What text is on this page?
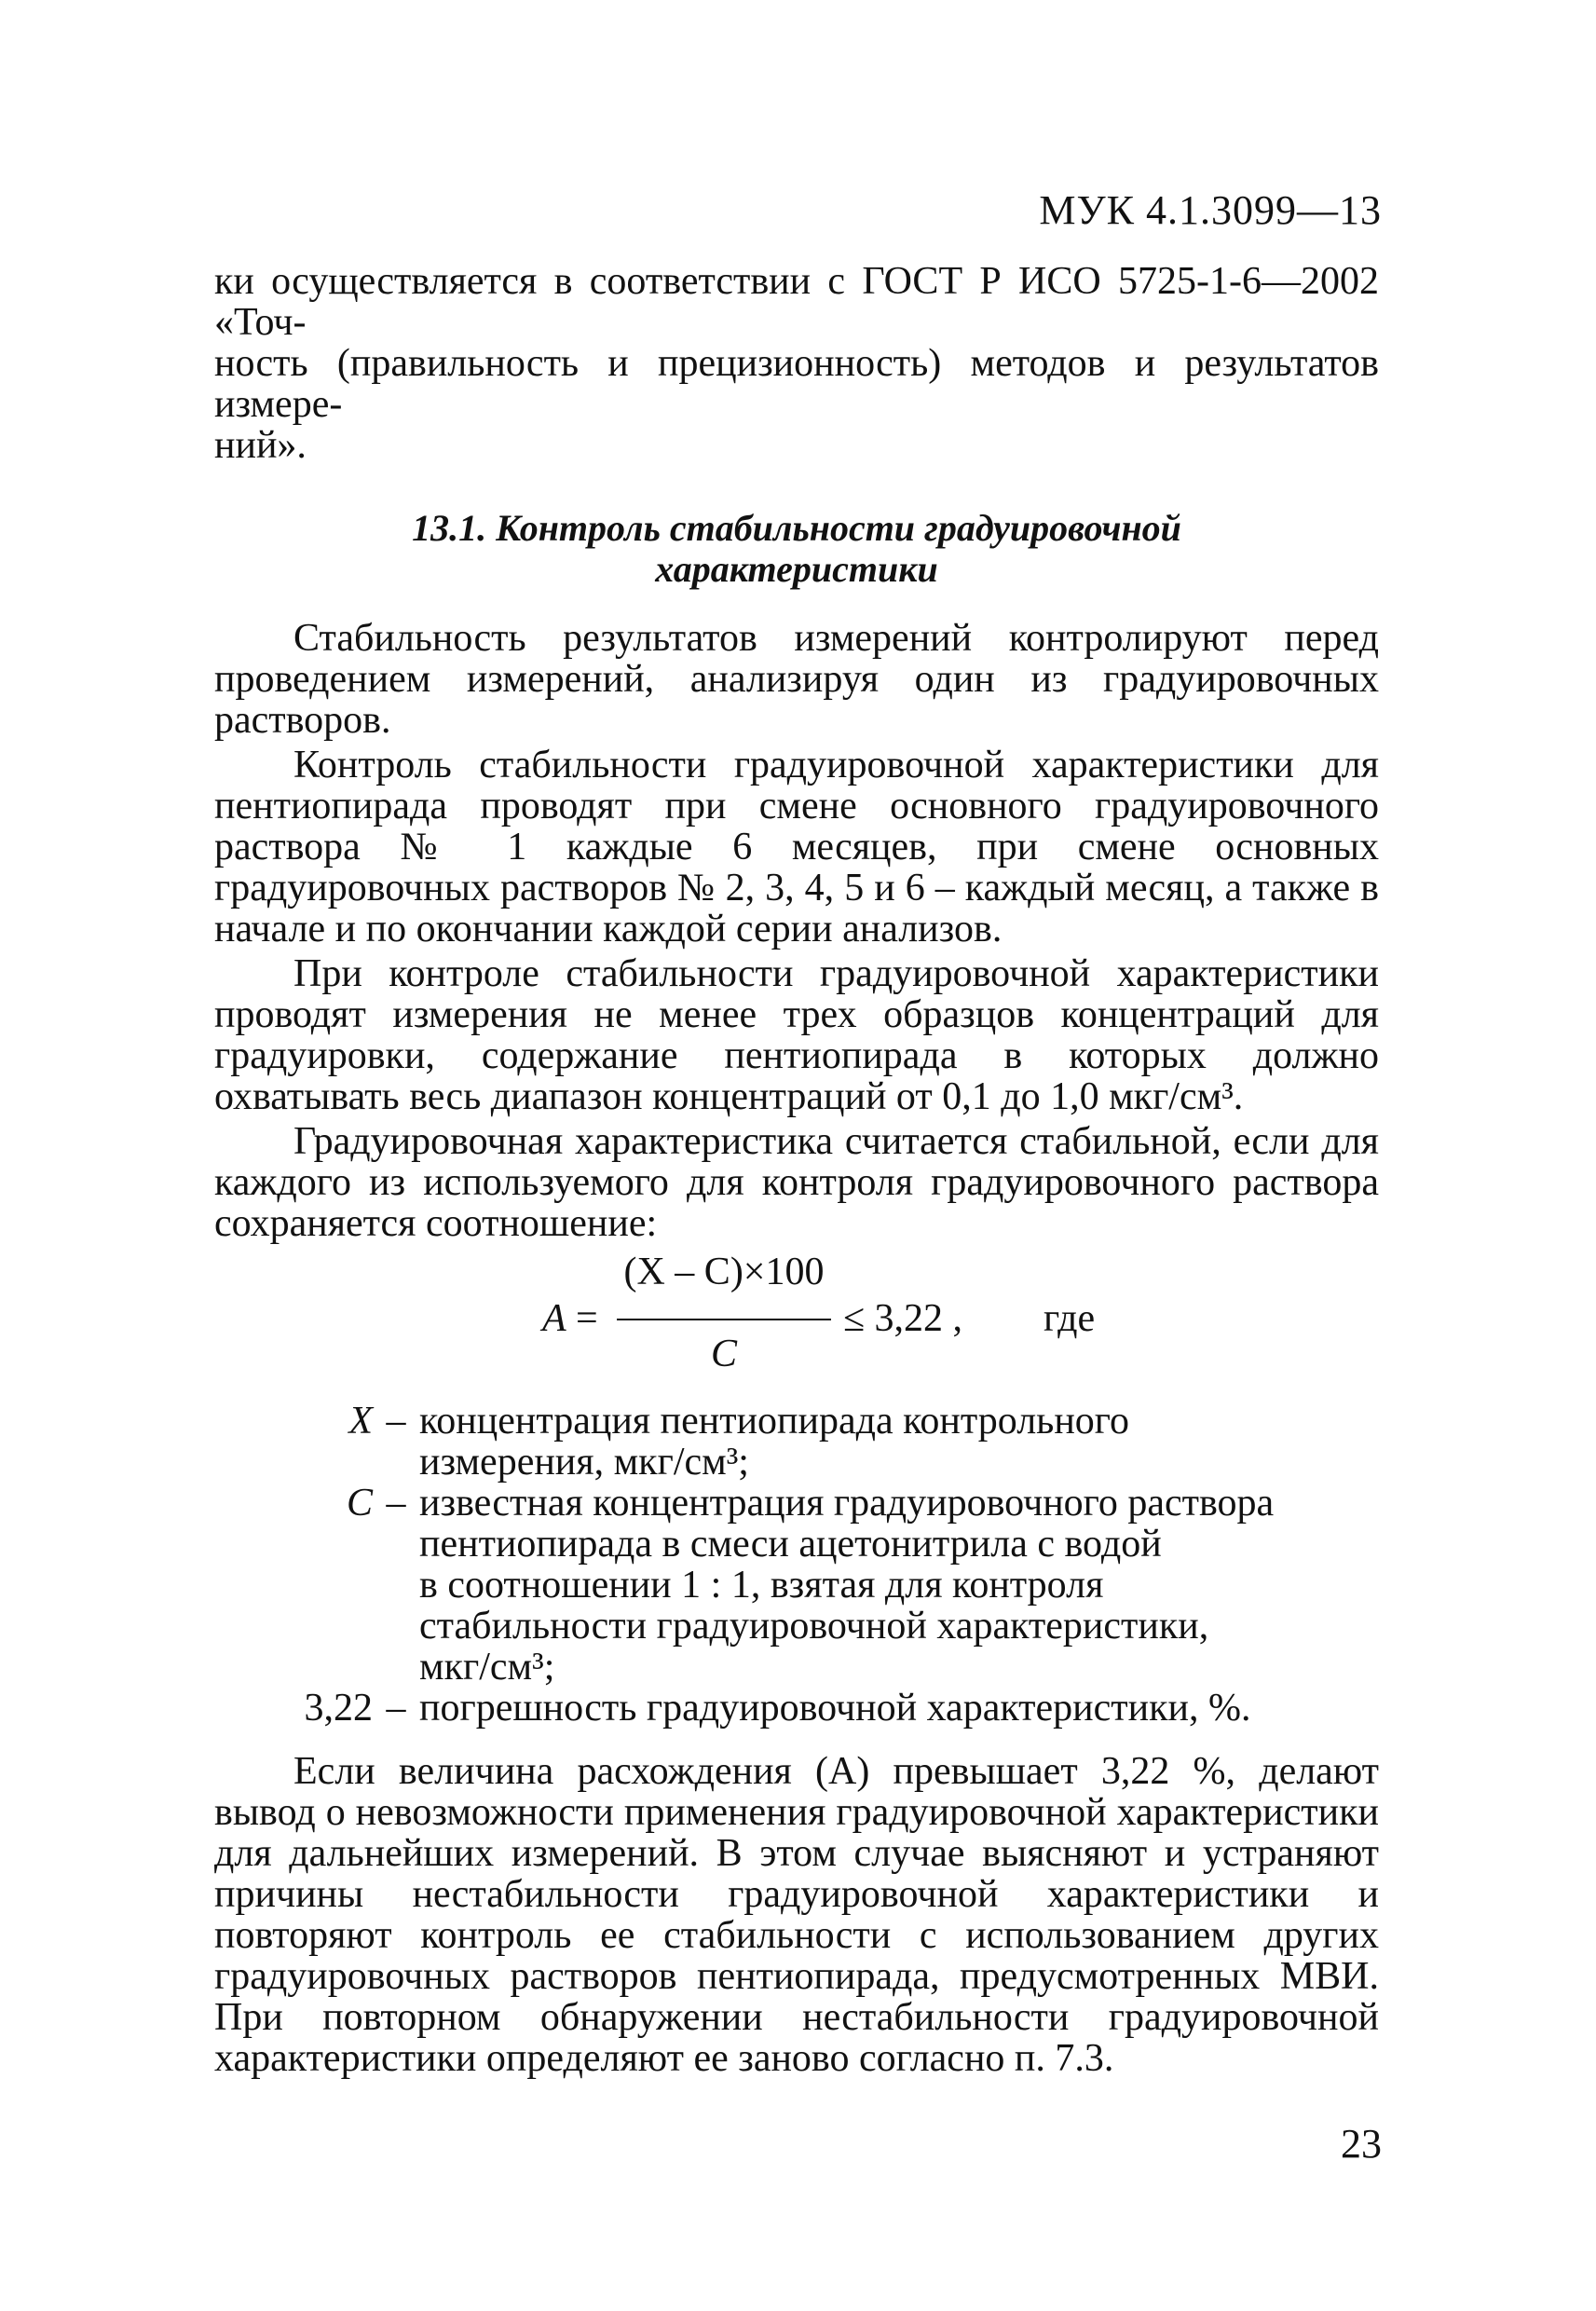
МУК 4.1.3099—13
ки осуществляется в соответствии с ГОСТ Р ИСО 5725-1-6—2002 «Точ-
ность (правильность и прецизионность) методов и результатов измере-
ний».
13.1. Контроль стабильности градуировочной
характеристики

Стабильность результатов измерений контролируют перед проведением измерений, анализируя один из градуировочных растворов.

Контроль стабильности градуировочной характеристики для пентиопирада проводят при смене основного градуировочного раствора № 1 каждые 6 месяцев, при смене основных градуировочных растворов № 2, 3, 4, 5 и 6 – каждый месяц, а также в начале и по окончании каждой серии анализов.

При контроле стабильности градуировочной характеристики проводят измерения не менее трех образцов концентраций для градуировки, содержание пентиопирада в которых должно охватывать весь диапазон концентраций от 0,1 до 1,0 мкг/см³.

Градуировочная характеристика считается стабильной, если для каждого из используемого для контроля градуировочного раствора сохраняется соотношение:

A =
(X – C)×100
C
≤ 3,22 , где
X – концентрация пентиопирада контрольного
измерения, мкг/см³;
C – известная концентрация градуировочного раствора
пентиопирада в смеси ацетонитрила с водой
в соотношении 1 : 1, взятая для контроля
стабильности градуировочной характеристики,
мкг/см³;
3,22 – погрешность градуировочной характеристики, %.

Если величина расхождения (А) превышает 3,22 %, делают вывод о невозможности применения градуировочной характеристики для дальнейших измерений. В этом случае выясняют и устраняют причины нестабильности градуировочной характеристики и повторяют контроль ее стабильности с использованием других градуировочных растворов пентиопирада, предусмотренных МВИ. При повторном обнаружении нестабильности градуировочной характеристики определяют ее заново согласно п. 7.3.

23
